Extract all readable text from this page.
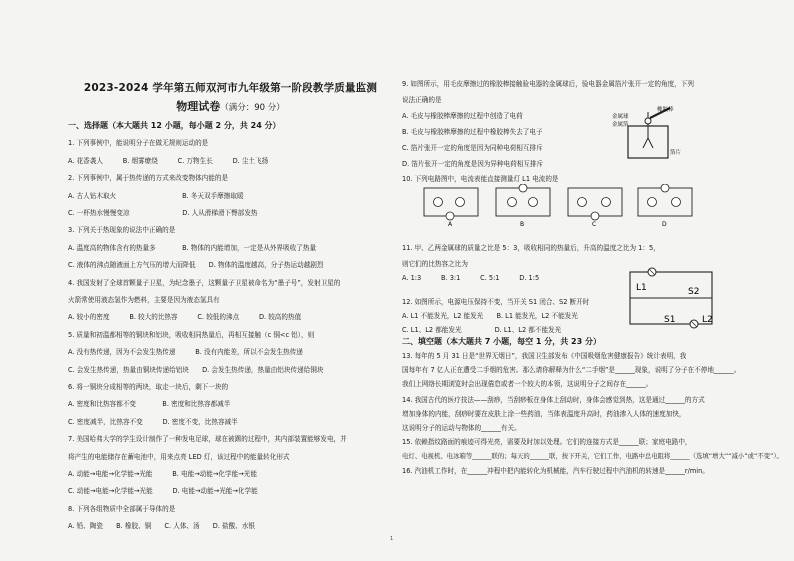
2023-2024 学年第五师双河市九年级第一阶段教学质量监测
物理试卷（满分：90 分）
一、选择题（本大题共 12 小题，每小题 2 分，共 24 分）
1. 下列事例中，能说明分子在做无规则运动的是
A. 花香袭人　　　B. 烟雾缭绕　　　C. 万物生长　　　D. 尘土飞扬
2. 下列事例中，属于热传递的方式来改变物体内能的是
A. 古人钻木取火　　　　　　　　　　B. 冬天双手摩擦取暖
C. 一杯热水慢慢变凉　　　　　　　　D. 人从滑梯滑下臀部发热
3. 下列关于热现象的说法中正确的是
A. 温度高的物体含有的热量多　　　　B. 物体的内能增加，一定是从外界吸收了热量
C. 液体的沸点随液面上方气压的增大而降低　　D. 物体的温度越高，分子热运动越剧烈
4. 我国发射了全球首颗量子卫星，为纪念墨子，这颗量子卫星被命名为“墨子号”，发射卫星的
火箭常使用液态氢作为燃料，主要是因为液态氢具有
A. 较小的密度　　　B. 较大的比热容　　　C. 较低的沸点　　　D. 较高的热值
5. 质量和初温都相等的铜块和铝块，吸收相同热量后，再相互接触（c 铜<c 铝），则
A. 没有热传递，因为不会发生热传递　　　B. 没有内能差，所以不会发生热传递
C. 会发生热传递，热量由铜块传递给铝块　　D. 会发生热传递，热量由铝块传递给铜块
6. 将一铜块分成相等的两块，取走一块后，剩下一块的
A. 密度和比热容都不变　　　　B. 密度和比热容都减半
C. 密度减半，比热容不变　　　D. 密度不变，比热容减半
7. 美国哈弗大学的学生设计制作了一种发电足球，球在被踢的过程中，其内部装置能够发电，并
将产生的电能储存在蓄电池中，用来点亮 LED 灯，该过程中的能量转化形式
A. 动能→电能→化学能→光能　　　B. 电能→动能→化学能→光能
C. 动能→电能→化学能→光能　　　D. 电能→动能→光能→化学能
8. 下列各组物质中全部属于导体的是
A. 铅、陶瓷　　B. 橡胶、铜　　C. 人体、汤　　D. 盐酸、水银
9. 如图所示，用毛皮摩擦过的橡胶棒接触验电器的金属球后，验电器金属箔片张开一定的角度，下列
说法正确的是
A. 毛皮与橡胶棒摩擦的过程中创造了电荷
B. 毛皮与橡胶棒摩擦的过程中橡胶棒失去了电子
C. 箔片张开一定的角度是因为同种电荷相互排斥
D. 箔片张开一定的角度是因为异种电荷相互排斥
10. 下列电路图中，电流表能直接测量灯 L1 电流的是
11. 甲、乙两金属球的质量之比是 5：3，吸收相同的热量后，升高的温度之比为 1：5，
则它们的比热容之比为
A. 1:3　　　B. 3:1　　　C. 5:1　　　D. 1:5
12. 如图所示，电源电压保持不变，当开关 S1 闭合、S2 断开时
A. L1 不能发光，L2 能发光　　B. L1 能发光，L2 不能发光
C. L1、L2 都能发光　　　　　D. L1、L2 都不能发光
二、填空题（本大题共 7 小题，每空 1 分，共 23 分）
13. 每年的 5 月 31 日是“世界无烟日”，我国卫生部发布《中国吸烟危害健康报告》统计表明，我
国每年有 7 亿人正在遭受二手烟的危害。那么请你解释为什么“二手烟”是______现象，说明了分子在不停地______。
我们上网络长期浏览时会出现倦怠或者一个较大的本领，这说明分子之间存在______。
14. 我国古代的医疗技法——刮痧，当刮痧板在身体上刮动时，身体会感觉到热，这是通过______的方式
增加身体的内能，刮痧时要在皮肤上涂一些药油，当体表温度升高时，药油渗入人体的速度加快，
这说明分子的运动与物体的______有关。
15. 依赖指纹路面的痕迹可得光亮，需要及时加以处理。它们的连接方式是______联；家庭电路中，
电灯、电视机、电冰箱等______联的；每天的______联，按下开关，它们工作，电路中总电阻将______（选填“增大”“减小”或“不变”）。
16. 汽油机工作时，在______冲程中把内能转化为机械能，汽车行驶过程中汽油机的转速是______r/min。
橡胶棒
金属球
金属箔
箔片
A	B	C	D
L1
L2
S1
S2
1
